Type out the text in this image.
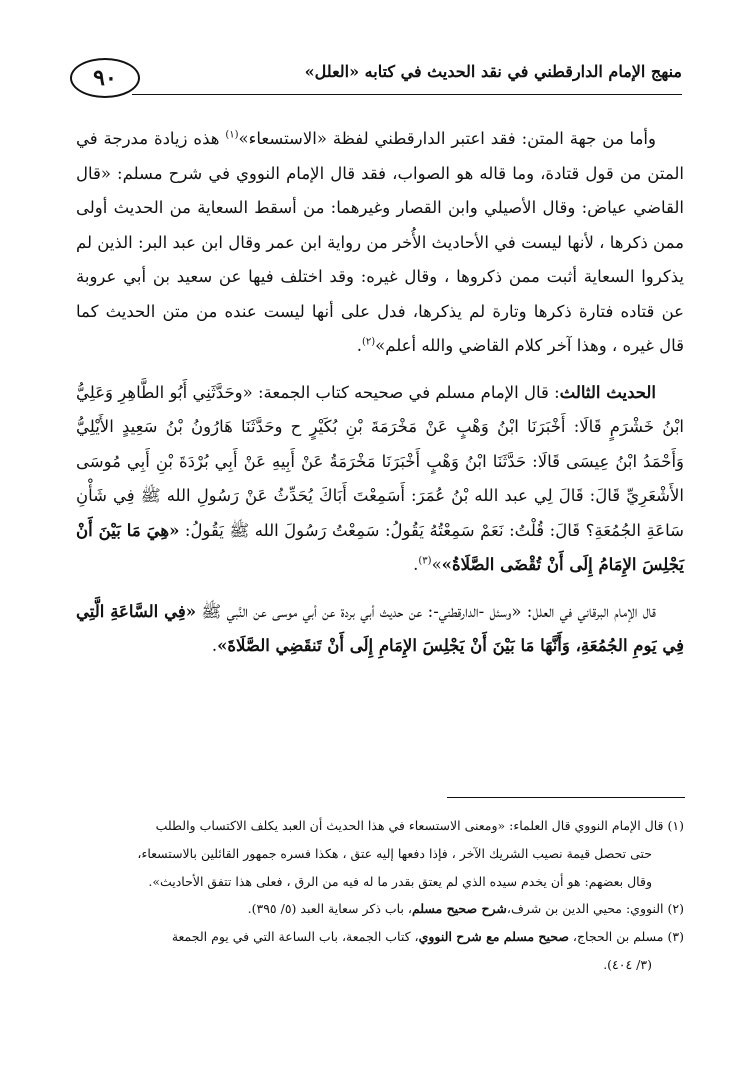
٩٠	منهج الإمام الدارقطني في نقد الحديث في كتابه «العلل»

وأما من جهة المتن: فقد اعتبر الدارقطني لفظة «الاستسعاء»$^{(١)}$ هذه زيادة مدرجة في المتن من قول قتادة، وما قاله هو الصواب، فقد قال الإمام النووي في شرح مسلم: «قال القاضي عياض: وقال الأصيلي وابن القصار وغيرهما: من أسقط السعاية من الحديث أولى ممن ذكرها ، لأنها ليست في الأحاديث الأُخر من رواية ابن عمر وقال ابن عبد البر: الذين لم يذكروا السعاية أثبت ممن ذكروها ، وقال غيره: وقد اختلف فيها عن سعيد بن أبي عروبة عن قتاده فتارة ذكرها وتارة لم يذكرها، فدل على أنها ليست عنده من متن الحديث كما قال غيره ، وهذا آخر كلام القاضي والله أعلم»$^{(٢)}$.

الحديث الثالث: قال الإمام مسلم في صحيحه كتاب الجمعة: «وحَدَّثَنِي أَبُو الطَّاهِرِ وَعَلِيُّ ابْنُ خَشْرَمٍ قَالَا: أَخْبَرَنَا ابْنُ وَهْبٍ عَنْ مَخْرَمَةَ بْنِ بُكَيْرٍ ح وحَدَّثَنَا هَارُونُ بْنُ سَعِيدٍ الأَيْلِيُّ وَأَحْمَدُ ابْنُ عِيسَى قَالَا: حَدَّثَنَا ابْنُ وَهْبٍ أَخْبَرَنَا مَخْرَمَةُ عَنْ أَبِيهِ عَنْ أَبِي بُرْدَةَ بْنِ أَبِي مُوسَى الأَشْعَرِيِّ قَالَ: قَالَ لِي عبد الله بْنُ عُمَرَ: أَسَمِعْتَ أَبَاكَ يُحَدِّثُ عَنْ رَسُولِ الله ﷺ فِي شَأْنِ سَاعَةِ الجُمُعَةِ؟ قَالَ: قُلْتُ: نَعَمْ سَمِعْتُهُ يَقُولُ: سَمِعْتُ رَسُولَ الله ﷺ يَقُولُ: «هِيَ مَا بَيْنَ أَنْ يَجْلِسَ الإِمَامُ إِلَى أَنْ تُقْضَى الصَّلَاةُ»»$^{(٣)}$.

قال الإمام البرقاني في العلل: «وسئل -الدارقطني-: عن حديث أبي بردة عن أبي موسى عن النَّبي ﷺ «فِي السَّاعَةِ الَّتِي فِي يَومِ الجُمُعَةِ، وَأَنَّهَا مَا بَيْنَ أَنْ يَجْلِسَ الإِمَامِ إِلَى أَنْ تَنقَضِي الصَّلَاةَ».

(١) قال الإمام النووي قال العلماء: «ومعنى الاستسعاء في هذا الحديث أن العبد يكلف الاكتساب والطلب

حتى تحصل قيمة نصيب الشريك الآخر ، فإذا دفعها إليه عتق ، هكذا فسره جمهور القائلين بالاستسعاء،

وقال بعضهم: هو أن يخدم سيده الذي لم يعتق بقدر ما له فيه من الرق ، فعلى هذا تتفق الأحاديث».

(٢) النووي: محيي الدين بن شرف،شرح صحيح مسلم، باب ذكر سعاية العبد (٥/ ٣٩٥).

(٣) مسلم بن الحجاج، صحيح مسلم مع شرح النووي، كتاب الجمعة، باب الساعة التي في يوم الجمعة

(٣/ ٤٠٤).
